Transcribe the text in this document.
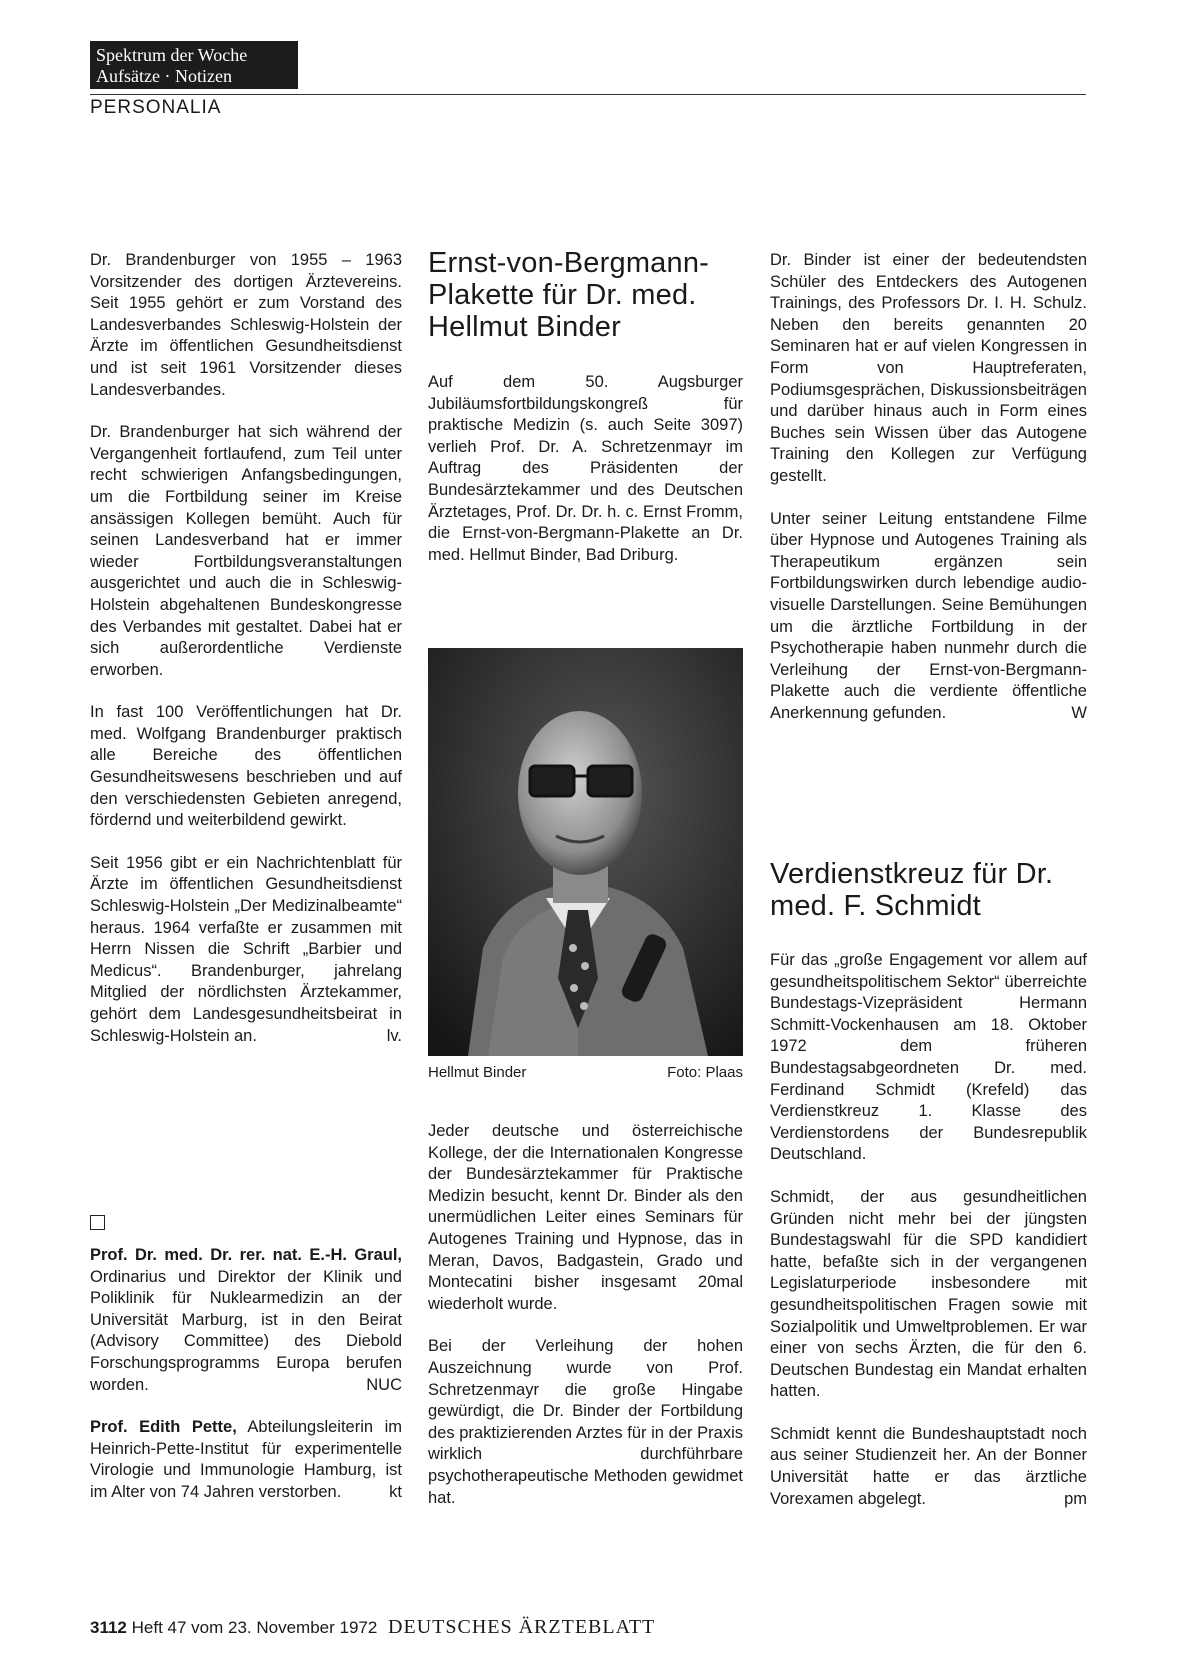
Spektrum der Woche
Aufsätze · Notizen
PERSONALIA

Dr. Brandenburger von 1955 – 1963 Vorsitzender des dortigen Ärztevereins. Seit 1955 gehört er zum Vorstand des Landesverbandes Schleswig-Holstein der Ärzte im öffentlichen Gesundheitsdienst und ist seit 1961 Vorsitzender dieses Landesverbandes.

Dr. Brandenburger hat sich während der Vergangenheit fortlaufend, zum Teil unter recht schwierigen Anfangsbedingungen, um die Fortbildung seiner im Kreise ansässigen Kollegen bemüht. Auch für seinen Landesverband hat er immer wieder Fortbildungsveranstaltungen ausgerichtet und auch die in Schleswig-Holstein abgehaltenen Bundeskongresse des Verbandes mit gestaltet. Dabei hat er sich außerordentliche Verdienste erworben.

In fast 100 Veröffentlichungen hat Dr. med. Wolfgang Brandenburger praktisch alle Bereiche des öffentlichen Gesundheitswesens beschrieben und auf den verschiedensten Gebieten anregend, fördernd und weiterbildend gewirkt.

Seit 1956 gibt er ein Nachrichtenblatt für Ärzte im öffentlichen Gesundheitsdienst Schleswig-Holstein „Der Medizinalbeamte“ heraus. 1964 verfaßte er zusammen mit Herrn Nissen die Schrift „Barbier und Medicus“. Brandenburger, jahrelang Mitglied der nördlichsten Ärztekammer, gehört dem Landesgesundheitsbeirat in Schleswig-Holstein an.	lv.

Prof. Dr. med. Dr. rer. nat. E.-H. Graul, Ordinarius und Direktor der Klinik und Poliklinik für Nuklearmedizin an der Universität Marburg, ist in den Beirat (Advisory Committee) des Diebold Forschungsprogramms Europa berufen worden.	NUC

Prof. Edith Pette, Abteilungsleiterin im Heinrich-Pette-Institut für experimentelle Virologie und Immunologie Hamburg, ist im Alter von 74 Jahren verstorben.	kt

Ernst-von-Bergmann-Plakette für Dr. med. Hellmut Binder

Auf dem 50. Augsburger Jubiläumsfortbildungskongreß für praktische Medizin (s. auch Seite 3097) verlieh Prof. Dr. A. Schretzenmayr im Auftrag des Präsidenten der Bundesärztekammer und des Deutschen Ärztetages, Prof. Dr. Dr. h. c. Ernst Fromm, die Ernst-von-Bergmann-Plakette an Dr. med. Hellmut Binder, Bad Driburg.

Hellmut Binder	Foto: Plaas

Jeder deutsche und österreichische Kollege, der die Internationalen Kongresse der Bundesärztekammer für Praktische Medizin besucht, kennt Dr. Binder als den unermüdlichen Leiter eines Seminars für Autogenes Training und Hypnose, das in Meran, Davos, Badgastein, Grado und Montecatini bisher insgesamt 20mal wiederholt wurde.

Bei der Verleihung der hohen Auszeichnung wurde von Prof. Schretzenmayr die große Hingabe gewürdigt, die Dr. Binder der Fortbildung des praktizierenden Arztes für in der Praxis wirklich durchführbare psychotherapeutische Methoden gewidmet hat.

Dr. Binder ist einer der bedeutendsten Schüler des Entdeckers des Autogenen Trainings, des Professors Dr. I. H. Schulz. Neben den bereits genannten 20 Seminaren hat er auf vielen Kongressen in Form von Hauptreferaten, Podiumsgesprächen, Diskussionsbeiträgen und darüber hinaus auch in Form eines Buches sein Wissen über das Autogene Training den Kollegen zur Verfügung gestellt.

Unter seiner Leitung entstandene Filme über Hypnose und Autogenes Training als Therapeutikum ergänzen sein Fortbildungswirken durch lebendige audio-visuelle Darstellungen. Seine Bemühungen um die ärztliche Fortbildung in der Psychotherapie haben nunmehr durch die Verleihung der Ernst-von-Bergmann-Plakette auch die verdiente öffentliche Anerkennung gefunden.	W

Verdienstkreuz für Dr. med. F. Schmidt

Für das „große Engagement vor allem auf gesundheitspolitischem Sektor“ überreichte Bundestags-Vizepräsident Hermann Schmitt-Vockenhausen am 18. Oktober 1972 dem früheren Bundestagsabgeordneten Dr. med. Ferdinand Schmidt (Krefeld) das Verdienstkreuz 1. Klasse des Verdienstordens der Bundesrepublik Deutschland.

Schmidt, der aus gesundheitlichen Gründen nicht mehr bei der jüngsten Bundestagswahl für die SPD kandidiert hatte, befaßte sich in der vergangenen Legislaturperiode insbesondere mit gesundheitspolitischen Fragen sowie mit Sozialpolitik und Umweltproblemen. Er war einer von sechs Ärzten, die für den 6. Deutschen Bundestag ein Mandat erhalten hatten.

Schmidt kennt die Bundeshauptstadt noch aus seiner Studienzeit her. An der Bonner Universität hatte er das ärztliche Vorexamen abgelegt.	pm

3112 Heft 47 vom 23. November 1972 DEUTSCHES ÄRZTEBLATT
